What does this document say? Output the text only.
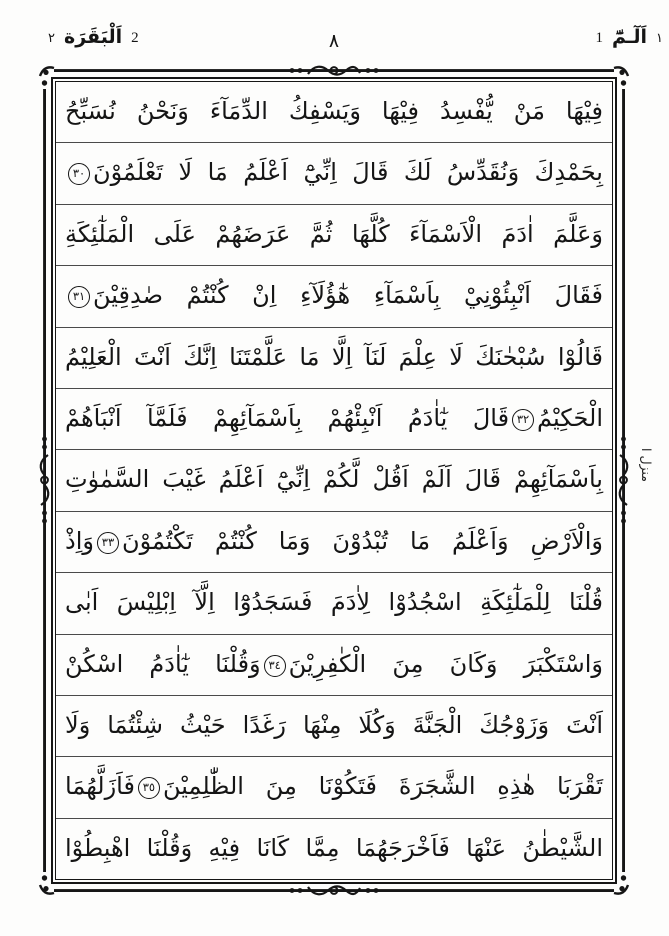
٢ اَلْبَقَرَة 2	٨	1 اَلٓـمّٓ ١
فِيْهَا مَنْ يُّفْسِدُ فِيْهَا وَيَسْفِكُ الدِّمَآءَ وَنَحْنُ نُسَبِّحُ
بِحَمْدِكَ وَنُقَدِّسُ لَكَ قَالَ اِنِّيْٓ اَعْلَمُ مَا لَا تَعْلَمُوْنَ٣٠
وَعَلَّمَ اٰدَمَ الْاَسْمَآءَ كُلَّهَا ثُمَّ عَرَضَهُمْ عَلَى الْمَلٰٓئِكَةِ
فَقَالَ اَنْبِئُوْنِيْ بِاَسْمَآءِ هٰٓؤُلَآءِ اِنْ كُنْتُمْ صٰدِقِيْنَ٣١
قَالُوْا سُبْحٰنَكَ لَا عِلْمَ لَنَآ اِلَّا مَا عَلَّمْتَنَا اِنَّكَ اَنْتَ الْعَلِيْمُ
الْحَكِيْمُ٣٢قَالَ يٰٓاٰدَمُ اَنْبِئْهُمْ بِاَسْمَآئِهِمْ فَلَمَّآ اَنْبَاَهُمْ
بِاَسْمَآئِهِمْ قَالَ اَلَمْ اَقُلْ لَّكُمْ اِنِّيْٓ اَعْلَمُ غَيْبَ السَّمٰوٰتِ
وَالْاَرْضِ وَاَعْلَمُ مَا تُبْدُوْنَ وَمَا كُنْتُمْ تَكْتُمُوْنَ٣٣وَاِذْ
قُلْنَا لِلْمَلٰٓئِكَةِ اسْجُدُوْا لِاٰدَمَ فَسَجَدُوْٓا اِلَّآ اِبْلِيْسَ اَبٰى
وَاسْتَكْبَرَ وَكَانَ مِنَ الْكٰفِرِيْنَ٣٤وَقُلْنَا يٰٓاٰدَمُ اسْكُنْ
اَنْتَ وَزَوْجُكَ الْجَنَّةَ وَكُلَا مِنْهَا رَغَدًا حَيْثُ شِئْتُمَا وَلَا
تَقْرَبَا هٰذِهِ الشَّجَرَةَ فَتَكُوْنَا مِنَ الظّٰلِمِيْنَ٣٥فَاَزَلَّهُمَا
الشَّيْطٰنُ عَنْهَا فَاَخْرَجَهُمَا مِمَّا كَانَا فِيْهِ وَقُلْنَا اهْبِطُوْا
منزل ا
